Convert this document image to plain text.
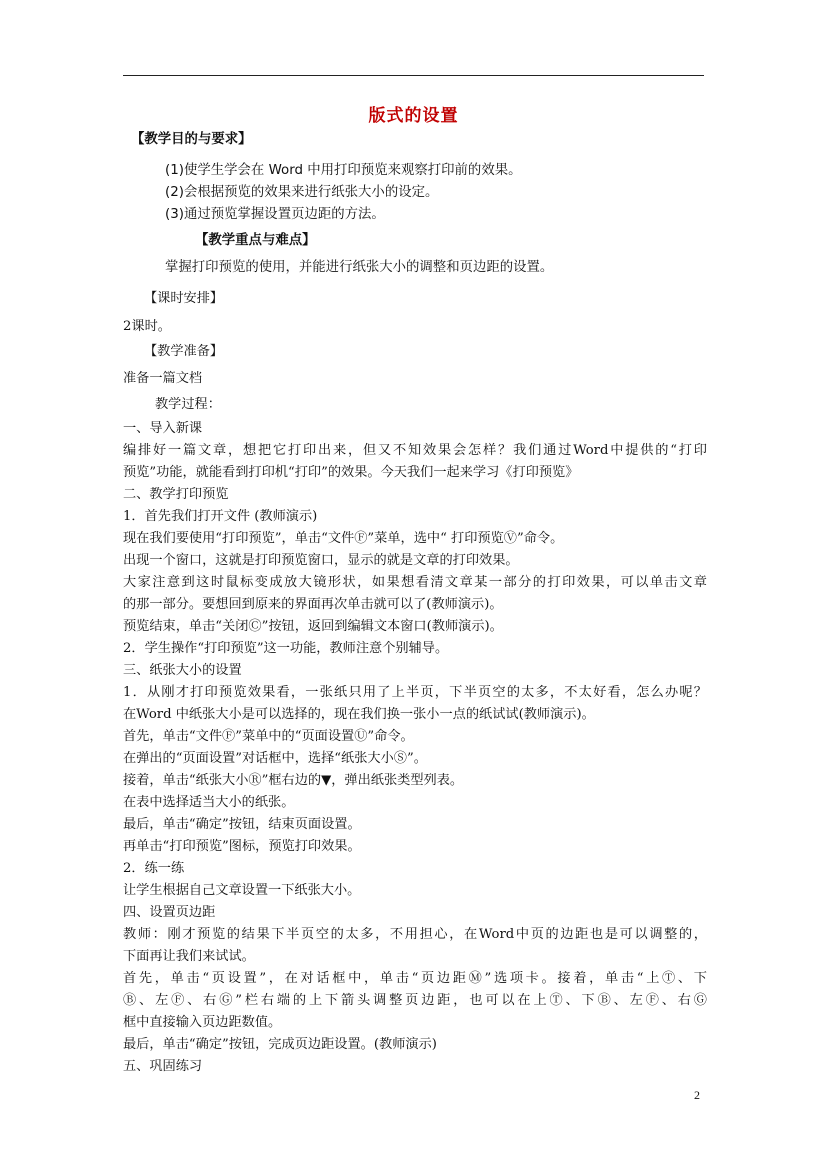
版式的设置
【教学目的与要求】
(1)使学生学会在 Word 中用打印预览来观察打印前的效果。
(2)会根据预览的效果来进行纸张大小的设定。
(3)通过预览掌握设置页边距的方法。
【教学重点与难点】
掌握打印预览的使用，并能进行纸张大小的调整和页边距的设置。
【课时安排】
2课时。
【教学准备】
准备一篇文档
教学过程：
一、导入新课
编排好一篇文章，想把它打印出来，但又不知效果会怎样？我们通过Word中提供的“打印
预览”功能，就能看到打印机“打印”的效果。今天我们一起来学习《打印预览》
二、教学打印预览
1．首先我们打开文件 (教师演示)
现在我们要使用“打印预览”，单击“文件Ⓕ”菜单，选中“ 打印预览Ⓥ”命令。
出现一个窗口，这就是打印预览窗口，显示的就是文章的打印效果。
大家注意到这时鼠标变成放大镜形状，如果想看清文章某一部分的打印效果，可以单击文章
的那一部分。要想回到原来的界面再次单击就可以了(教师演示)。
预览结束，单击“关闭Ⓒ”按钮，返回到编辑文本窗口(教师演示)。
2．学生操作“打印预览”这一功能，教师注意个别辅导。
三、纸张大小的设置
1．从刚才打印预览效果看，一张纸只用了上半页，下半页空的太多，不太好看，怎么办呢？
在Word 中纸张大小是可以选择的，现在我们换一张小一点的纸试试(教师演示)。
首先，单击“文件Ⓕ”菜单中的“页面设置Ⓤ”命令。
在弹出的“页面设置”对话框中，选择“纸张大小Ⓢ”。
接着，单击“纸张大小Ⓡ”框右边的▼，弹出纸张类型列表。
在表中选择适当大小的纸张。
最后，单击“确定”按钮，结束页面设置。
再单击“打印预览”图标，预览打印效果。
2．练一练
让学生根据自己文章设置一下纸张大小。
四、设置页边距
教师：刚才预览的结果下半页空的太多，不用担心，在Word中页的边距也是可以调整的，
下面再让我们来试试。
首先，单击“页设置”，在对话框中，单击“页边距Ⓜ”选项卡。接着，单击“上Ⓣ、下
Ⓑ、左Ⓕ、右Ⓖ”栏右端的上下箭头调整页边距，也可以在上Ⓣ、下Ⓑ、左Ⓕ、右Ⓖ
框中直接输入页边距数值。
最后，单击“确定”按钮，完成页边距设置。(教师演示)
五、巩固练习
2
